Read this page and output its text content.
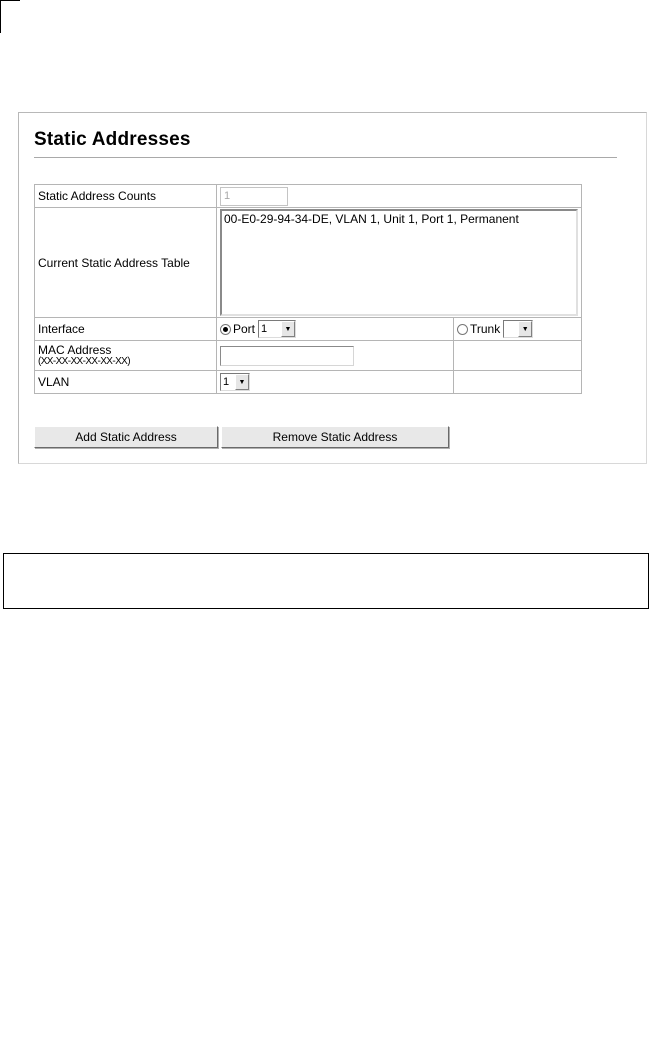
Static Addresses
Static Address Counts	1	
Current Static Address Table	00-E0-29-94-34-DE, VLAN 1, Unit 1, Port 1, Permanent	

Interface	Port 1 ▼	Trunk ▼

MAC Address
(XX-XX-XX-XX-XX-XX)		

VLAN	1 ▼	

Add Static Address	Remove Static Address
